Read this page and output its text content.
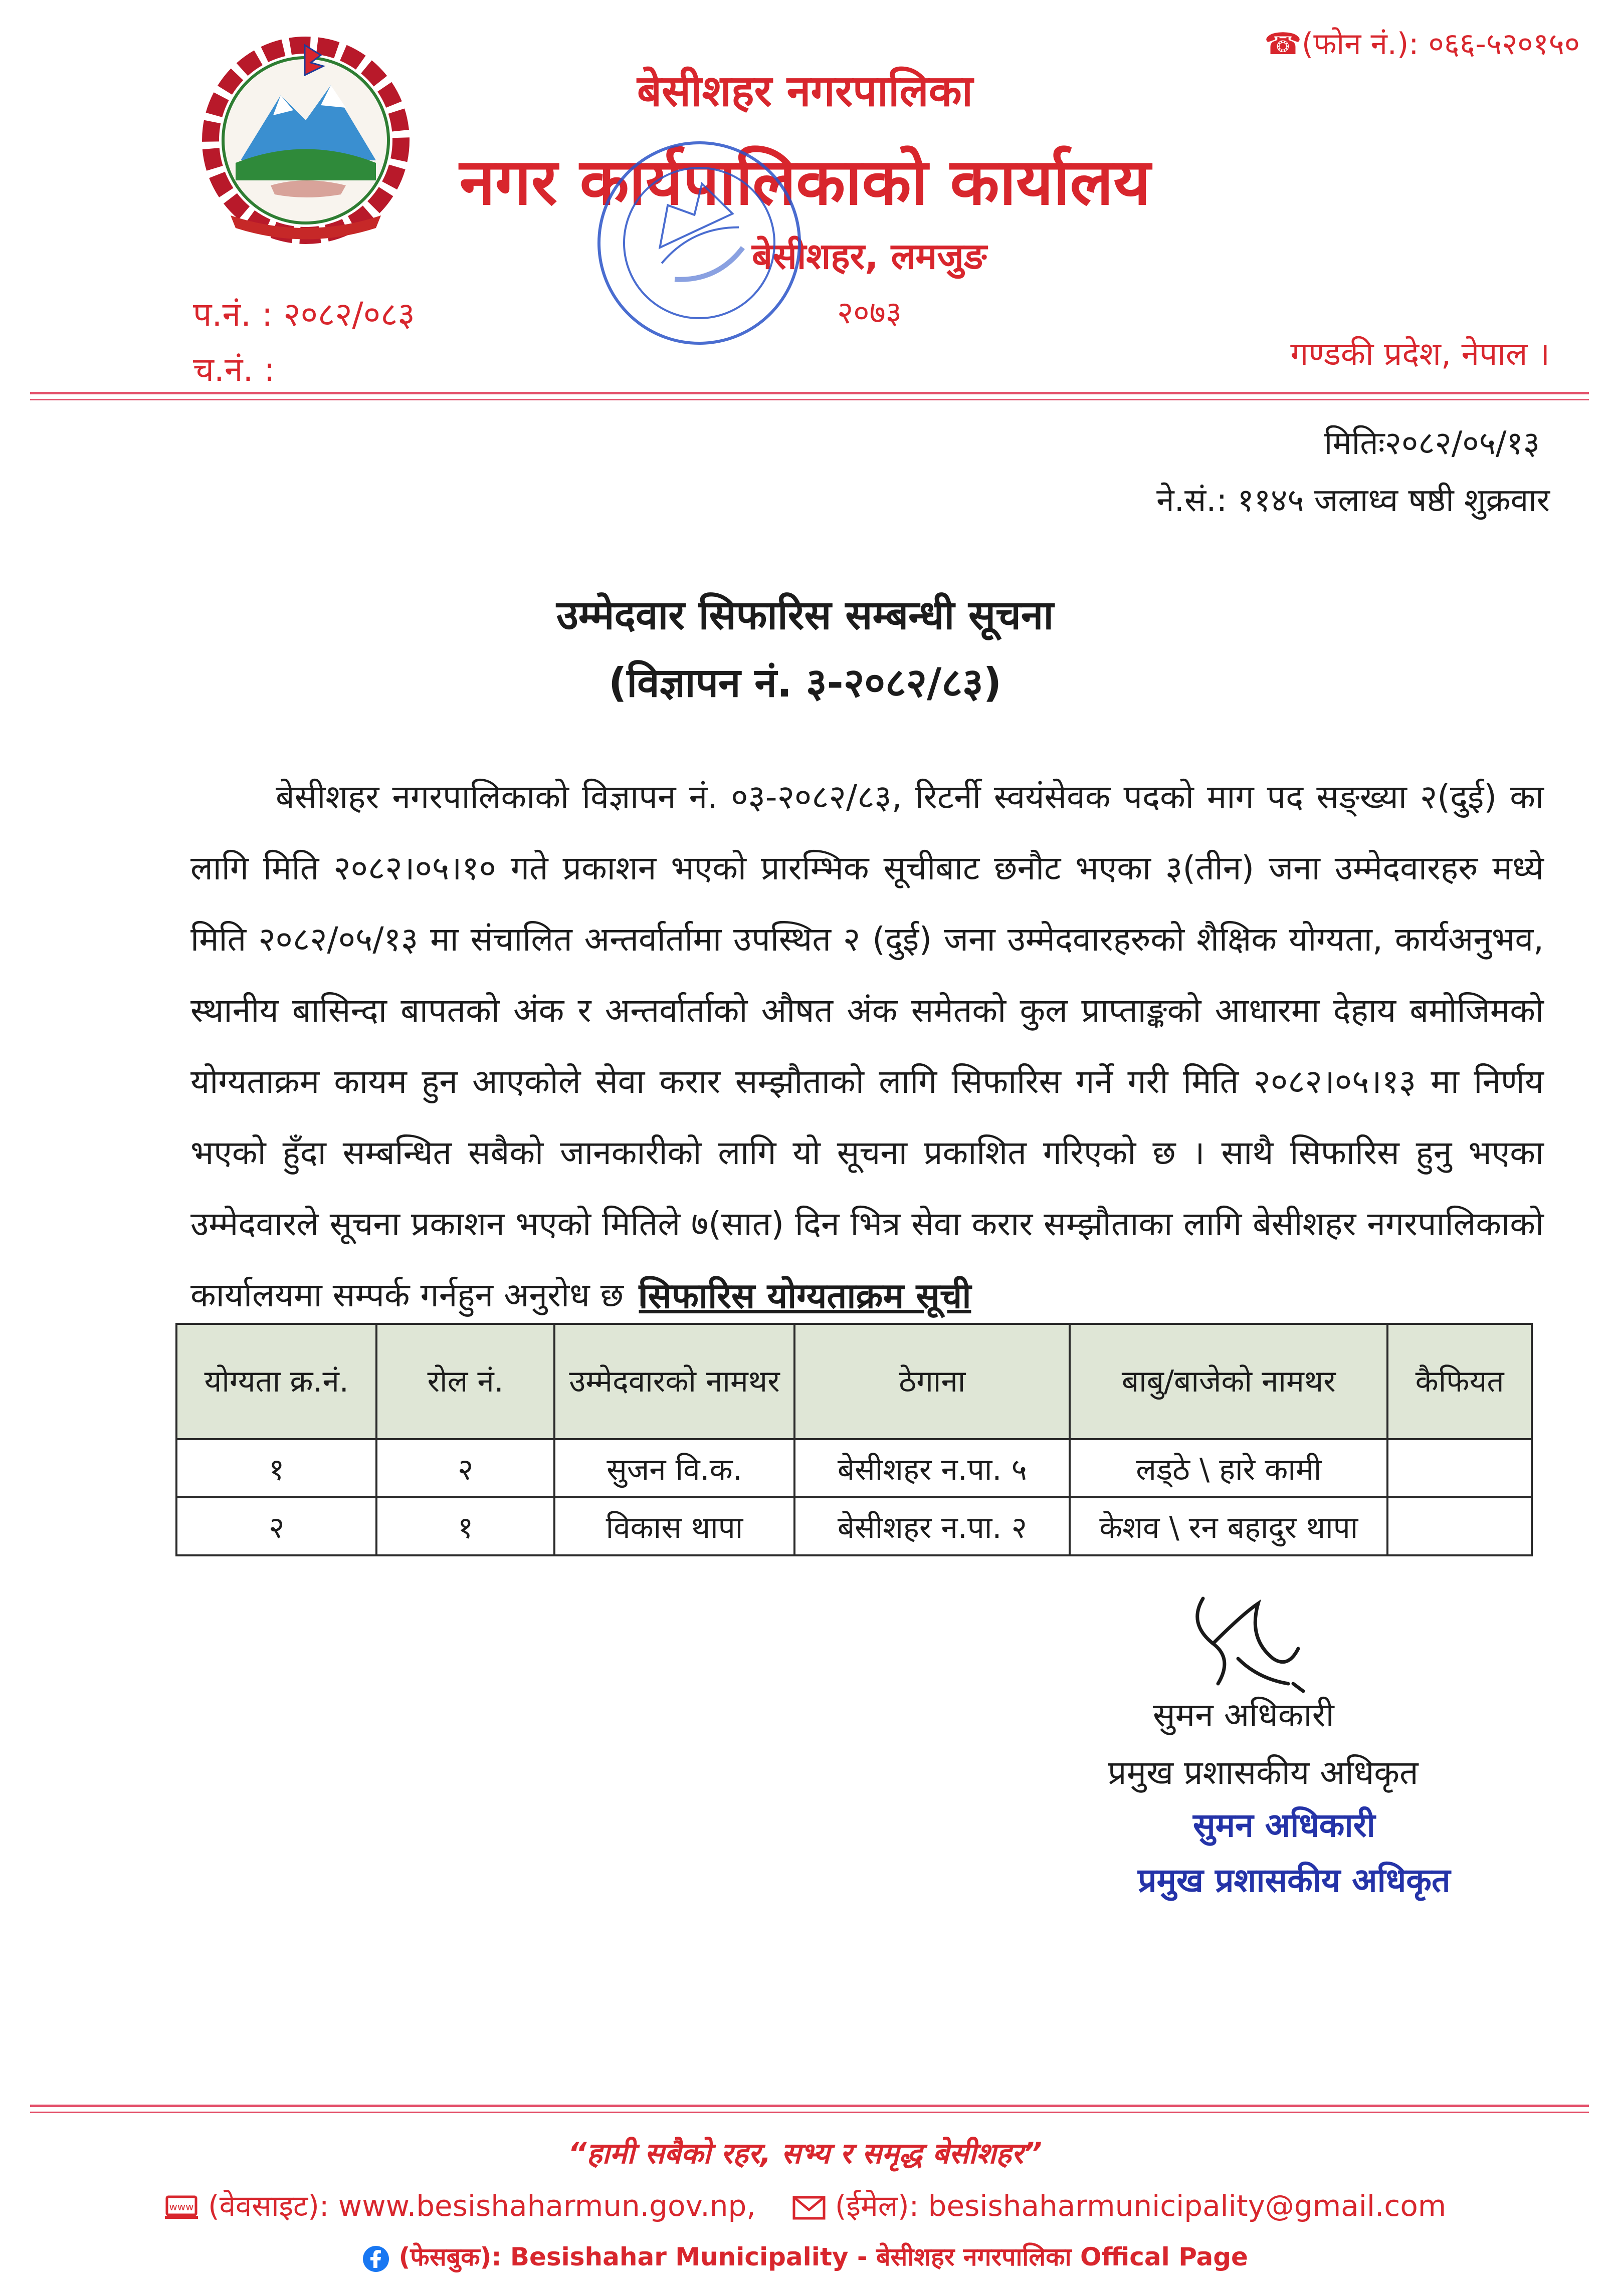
☎(फोन नं.): ०६६-५२०१५०
बेसीशहर नगरपालिका
नगर कार्यपालिकाको कार्यालय
बेसीशहर, लमजुङ
प.नं. : २०८२/०८३	२०७३
च.नं. :	गण्डकी प्रदेश, नेपाल ।
मितिः२०८२/०५/१३
ने.सं.: ११४५ जलाध्व षष्ठी शुक्रवार
उम्मेदवार सिफारिस सम्बन्धी सूचना
(विज्ञापन नं. ३-२०८२/८३)

बेसीशहर नगरपालिकाको विज्ञापन नं. ०३-२०८२/८३, रिटर्नी स्वयंसेवक पदको माग पद सङ्ख्या २(दुई) का लागि मिति २०८२।०५।१० गते प्रकाशन भएको प्रारम्भिक सूचीबाट छनौट भएका ३(तीन) जना उम्मेदवारहरु मध्ये मिति २०८२/०५/१३ मा संचालित अन्तर्वार्तामा उपस्थित २ (दुई) जना उम्मेदवारहरुको शैक्षिक योग्यता, कार्यअनुभव, स्थानीय बासिन्दा बापतको अंक र अन्तर्वार्ताको औषत अंक समेतको कुल प्राप्ताङ्कको आधारमा देहाय बमोजिमको योग्यताक्रम कायम हुन आएकोले सेवा करार सम्झौताको लागि सिफारिस गर्ने गरी मिति २०८२।०५।१३ मा निर्णय भएको हुँदा सम्बन्धित सबैको जानकारीको लागि यो सूचना प्रकाशित गरिएको छ । साथै सिफारिस हुनु भएका उम्मेदवारले सूचना प्रकाशन भएको मितिले ७(सात) दिन भित्र सेवा करार सम्झौताका लागि बेसीशहर नगरपालिकाको कार्यालयमा सम्पर्क गर्नहुन अनुरोध छ ।

सिफारिस योग्यताक्रम सूची
योग्यता क्र.नं.	रोल नं.	उम्मेदवारको नामथर	ठेगाना	बाबु/बाजेको नामथर	कैफियत
१	२	सुजन वि.क.	बेसीशहर न.पा. ५	लड्ठे \ हारे कामी	
२	१	विकास थापा	बेसीशहर न.पा. २	केशव \ रन बहादुर थापा	
सुमन अधिकारी
प्रमुख प्रशासकीय अधिकृत
सुमन अधिकारी
प्रमुख प्रशासकीय अधिकृत
“हामी सबैको रहर, सभ्य र समृद्ध बेसीशहर”
www (वेवसाइट): www.besishaharmun.gov.np,	(ईमेल): besishaharmunicipality@gmail.com
(फेसबुक): Besishahar Municipality - बेसीशहर नगरपालिका Offical Page
